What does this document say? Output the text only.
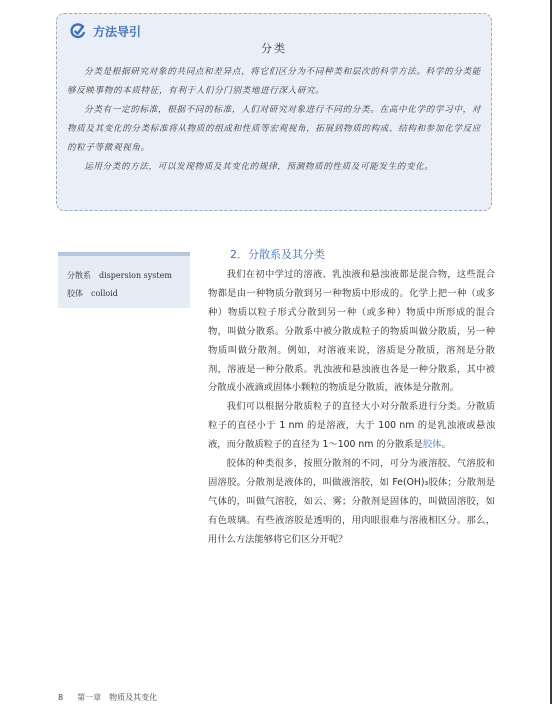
方法导引
分类

分类是根据研究对象的共同点和差异点，将它们区分为不同种类和层次的科学方法。科学的分类能够反映事物的本质特征，有利于人们分门别类地进行深入研究。

分类有一定的标准，根据不同的标准，人们对研究对象进行不同的分类。在高中化学的学习中，对物质及其变化的分类标准将从物质的组成和性质等宏观视角，拓展到物质的构成、结构和参加化学反应的粒子等微观视角。

运用分类的方法，可以发现物质及其变化的规律，预测物质的性质及可能发生的变化。

分散系　dispersion system
胶体　colloid
2．分散系及其分类

我们在初中学过的溶液、乳浊液和悬浊液都是混合物，这些混合物都是由一种物质分散到另一种物质中形成的。化学上把一种（或多种）物质以粒子形式分散到另一种（或多种）物质中所形成的混合物，叫做分散系。分散系中被分散成粒子的物质叫做分散质，另一种物质叫做分散剂。例如，对溶液来说，溶质是分散质，溶剂是分散剂，溶液是一种分散系。乳浊液和悬浊液也各是一种分散系，其中被分散成小液滴或固体小颗粒的物质是分散质，液体是分散剂。

我们可以根据分散质粒子的直径大小对分散系进行分类。分散质粒子的直径小于 1 nm 的是溶液，大于 100 nm 的是乳浊液或悬浊液，而分散质粒子的直径为 1～100 nm 的分散系是胶体。

胶体的种类很多，按照分散剂的不同，可分为液溶胶、气溶胶和固溶胶。分散剂是液体的，叫做液溶胶，如 Fe(OH)₃胶体；分散剂是气体的，叫做气溶胶，如云、雾；分散剂是固体的，叫做固溶胶，如有色玻璃。有些液溶胶是透明的，用肉眼很难与溶液相区分。那么，用什么方法能够将它们区分开呢？

8 第一章　物质及其变化
